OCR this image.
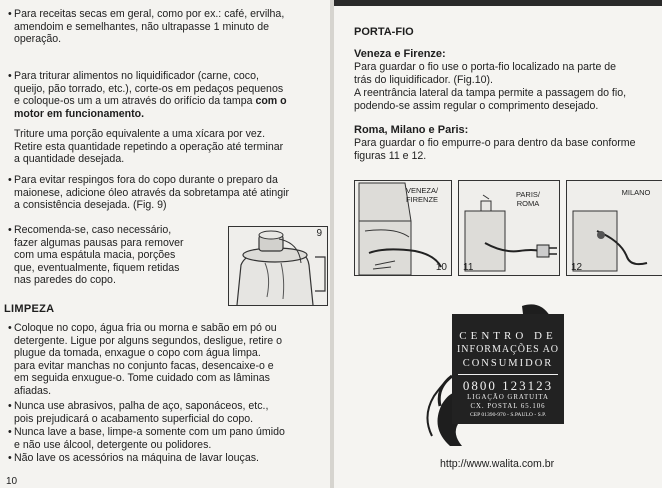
• Para receitas secas em geral, como por ex.: café, ervilha,
amendoim e semelhantes, não ultrapasse 1 minuto de
operação.
• Para triturar alimentos no liquidificador (carne, coco,
queijo, pão torrado, etc.), corte-os em pedaços pequenos
e coloque-os um a um através do orifício da tampa com o
motor em funcionamento.
Triture uma porção equivalente a uma xícara por vez.
Retire esta quantidade repetindo a operação até terminar
a quantidade desejada.
• Para evitar respingos fora do copo durante o preparo da
maionese, adicione óleo através da sobretampa até atingir
a consistência desejada. (Fig. 9)
• Recomenda-se, caso necessário,
fazer algumas pausas para remover
com uma espátula macia, porções
que, eventualmente, fiquem retidas
nas paredes do copo.
9
LIMPEZA
• Coloque no copo, água fria ou morna e sabão em pó ou
detergente. Ligue por alguns segundos, desligue, retire o
plugue da tomada, enxague o copo com água limpa.
para evitar manchas no conjunto facas, desencaixe-o e
em seguida enxugue-o. Tome cuidado com as lâminas
afiadas.
• Nunca use abrasivos, palha de aço, saponáceos, etc.,
pois prejudicará o acabamento superficial do copo.
• Nunca lave a base, limpe-a somente com um pano úmido
e não use álcool, detergente ou polidores.
• Não lave os acessórios na máquina de lavar louças.
10
PORTA-FIO
Veneza e Firenze:
Para guardar o fio use o porta-fio localizado na parte de
trás do liquidificador. (Fig.10).
A reentrância lateral da tampa permite a passagem do fio,
podendo-se assim regular o comprimento desejado.
Roma, Milano e Paris:
Para guardar o fio empurre-o para dentro da base conforme
figuras 11 e 12.
VENEZA/
FIRENZE
10
PARIS/
ROMA
11
MILANO
12
CENTRO DE
INFORMAÇÕES AO
CONSUMIDOR
0800 123123
LIGAÇÃO GRATUITA
CX. POSTAL 65.106
CEP 01390-970 - S.PAULO - S.P.
http://www.walita.com.br
